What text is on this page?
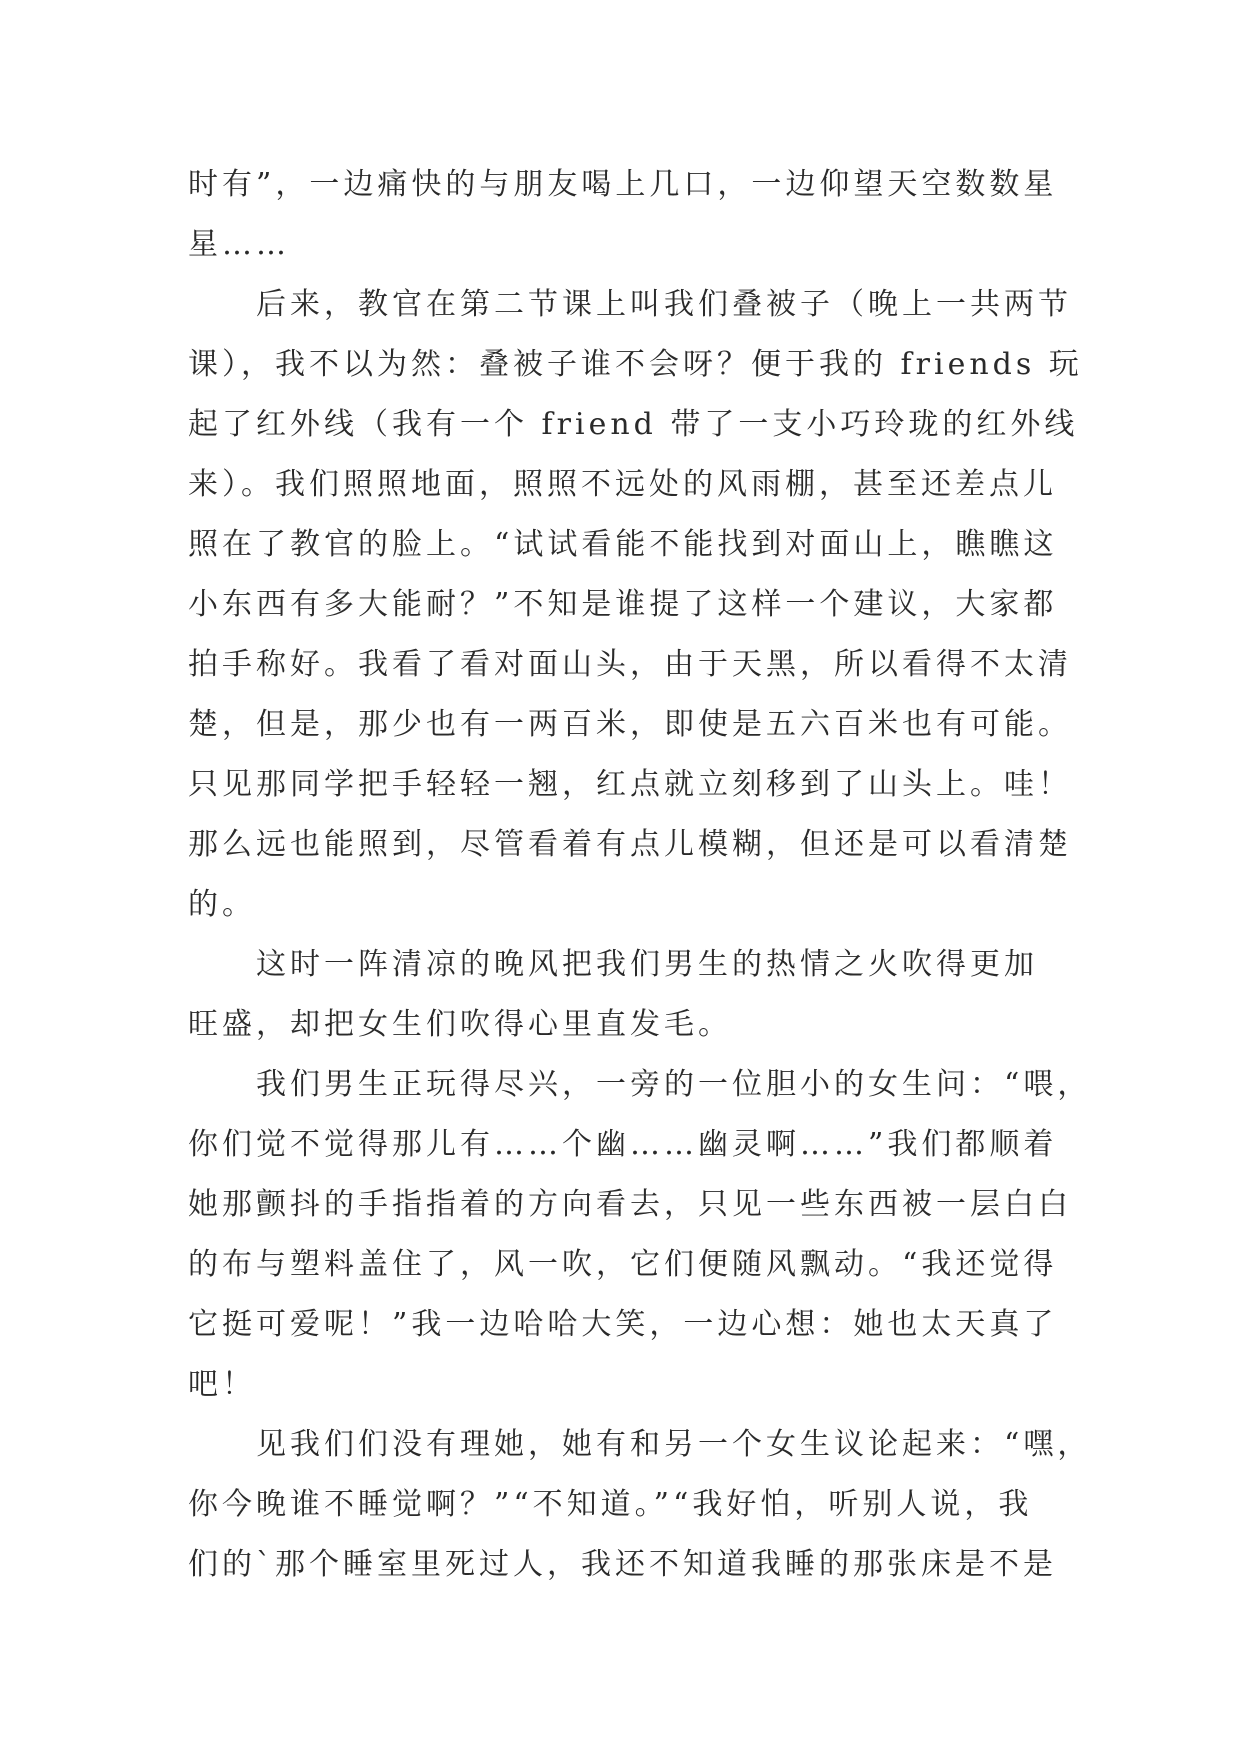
时有”，一边痛快的与朋友喝上几口，一边仰望天空数数星
星……
后来，教官在第二节课上叫我们叠被子（晚上一共两节
课），我不以为然：叠被子谁不会呀？便于我的 friends 玩
起了红外线（我有一个 friend 带了一支小巧玲珑的红外线
来）。我们照照地面，照照不远处的风雨棚，甚至还差点儿
照在了教官的脸上。“试试看能不能找到对面山上，瞧瞧这
小东西有多大能耐？”不知是谁提了这样一个建议，大家都
拍手称好。我看了看对面山头，由于天黑，所以看得不太清
楚，但是，那少也有一两百米，即使是五六百米也有可能。
只见那同学把手轻轻一翘，红点就立刻移到了山头上。哇！
那么远也能照到，尽管看着有点儿模糊，但还是可以看清楚
的。
这时一阵清凉的晚风把我们男生的热情之火吹得更加
旺盛，却把女生们吹得心里直发毛。
我们男生正玩得尽兴，一旁的一位胆小的女生问：“喂，
你们觉不觉得那儿有……个幽……幽灵啊……”我们都顺着
她那颤抖的手指指着的方向看去，只见一些东西被一层白白
的布与塑料盖住了，风一吹，它们便随风飘动。“我还觉得
它挺可爱呢！”我一边哈哈大笑，一边心想：她也太天真了
吧！
见我们们没有理她，她有和另一个女生议论起来：“嘿，
你今晚谁不睡觉啊？”“不知道。”“我好怕，听别人说，我
们的`那个睡室里死过人，我还不知道我睡的那张床是不是
